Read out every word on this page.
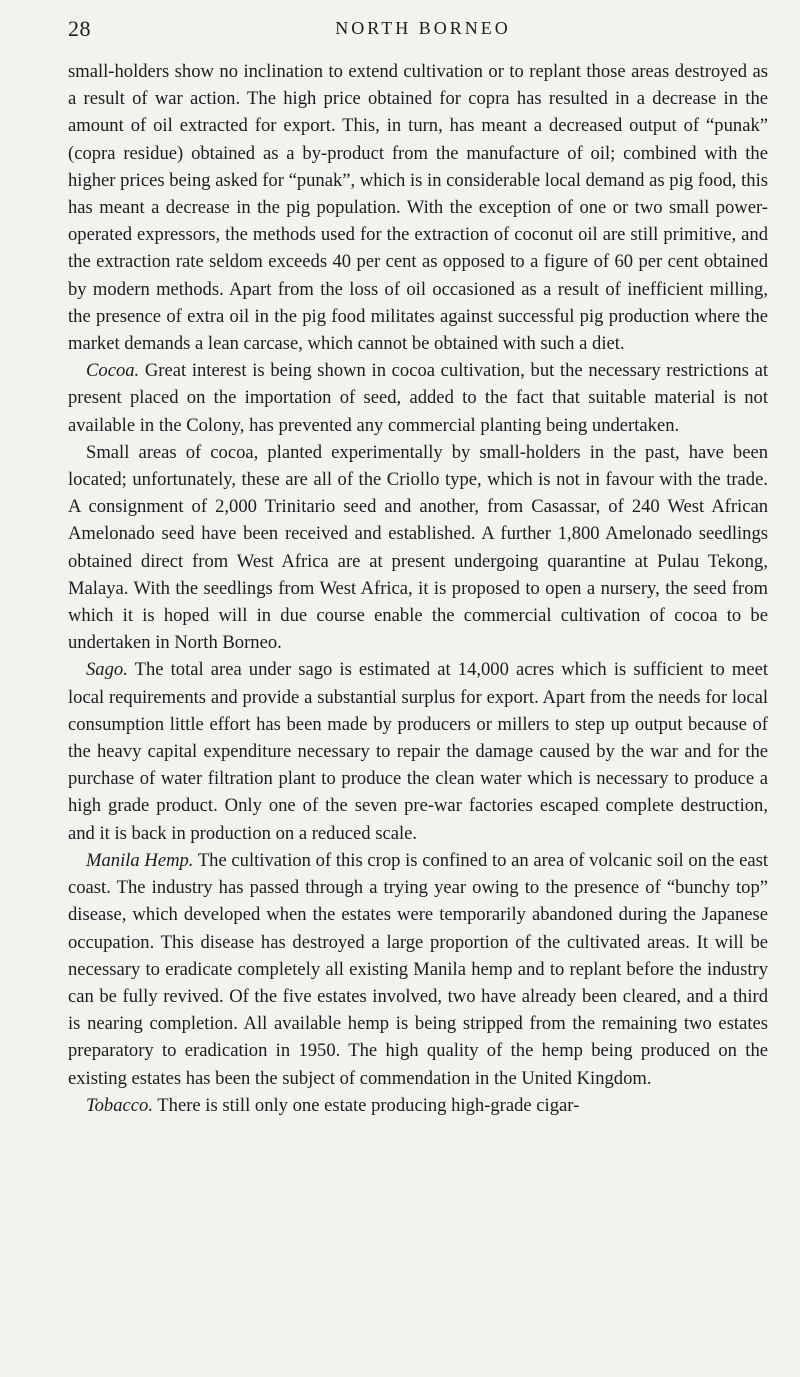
28	NORTH BORNEO

small-holders show no inclination to extend cultivation or to replant those areas destroyed as a result of war action. The high price obtained for copra has resulted in a decrease in the amount of oil extracted for export. This, in turn, has meant a decreased output of “punak” (copra residue) obtained as a by-product from the manufacture of oil; combined with the higher prices being asked for “punak”, which is in considerable local demand as pig food, this has meant a decrease in the pig population. With the exception of one or two small power-operated expressors, the methods used for the extraction of coconut oil are still primitive, and the extraction rate seldom exceeds 40 per cent as opposed to a figure of 60 per cent obtained by modern methods. Apart from the loss of oil occasioned as a result of inefficient milling, the presence of extra oil in the pig food militates against successful pig production where the market demands a lean carcase, which cannot be obtained with such a diet.

Cocoa. Great interest is being shown in cocoa cultivation, but the necessary restrictions at present placed on the importation of seed, added to the fact that suitable material is not available in the Colony, has prevented any commercial planting being undertaken.

Small areas of cocoa, planted experimentally by small-holders in the past, have been located; unfortunately, these are all of the Criollo type, which is not in favour with the trade. A consignment of 2,000 Trinitario seed and another, from Casassar, of 240 West African Amelonado seed have been received and established. A further 1,800 Amelonado seedlings obtained direct from West Africa are at present undergoing quarantine at Pulau Tekong, Malaya. With the seedlings from West Africa, it is proposed to open a nursery, the seed from which it is hoped will in due course enable the commercial cultivation of cocoa to be undertaken in North Borneo.

Sago. The total area under sago is estimated at 14,000 acres which is sufficient to meet local requirements and provide a substantial surplus for export. Apart from the needs for local consumption little effort has been made by producers or millers to step up output because of the heavy capital expenditure necessary to repair the damage caused by the war and for the purchase of water filtration plant to produce the clean water which is necessary to produce a high grade product. Only one of the seven pre-war factories escaped complete destruction, and it is back in production on a reduced scale.

Manila Hemp. The cultivation of this crop is confined to an area of volcanic soil on the east coast. The industry has passed through a trying year owing to the presence of “bunchy top” disease, which developed when the estates were temporarily abandoned during the Japanese occupation. This disease has destroyed a large proportion of the cultivated areas. It will be necessary to eradicate completely all existing Manila hemp and to replant before the industry can be fully revived. Of the five estates involved, two have already been cleared, and a third is nearing completion. All available hemp is being stripped from the remaining two estates preparatory to eradication in 1950. The high quality of the hemp being produced on the existing estates has been the subject of commendation in the United Kingdom.

Tobacco. There is still only one estate producing high-grade cigar-
